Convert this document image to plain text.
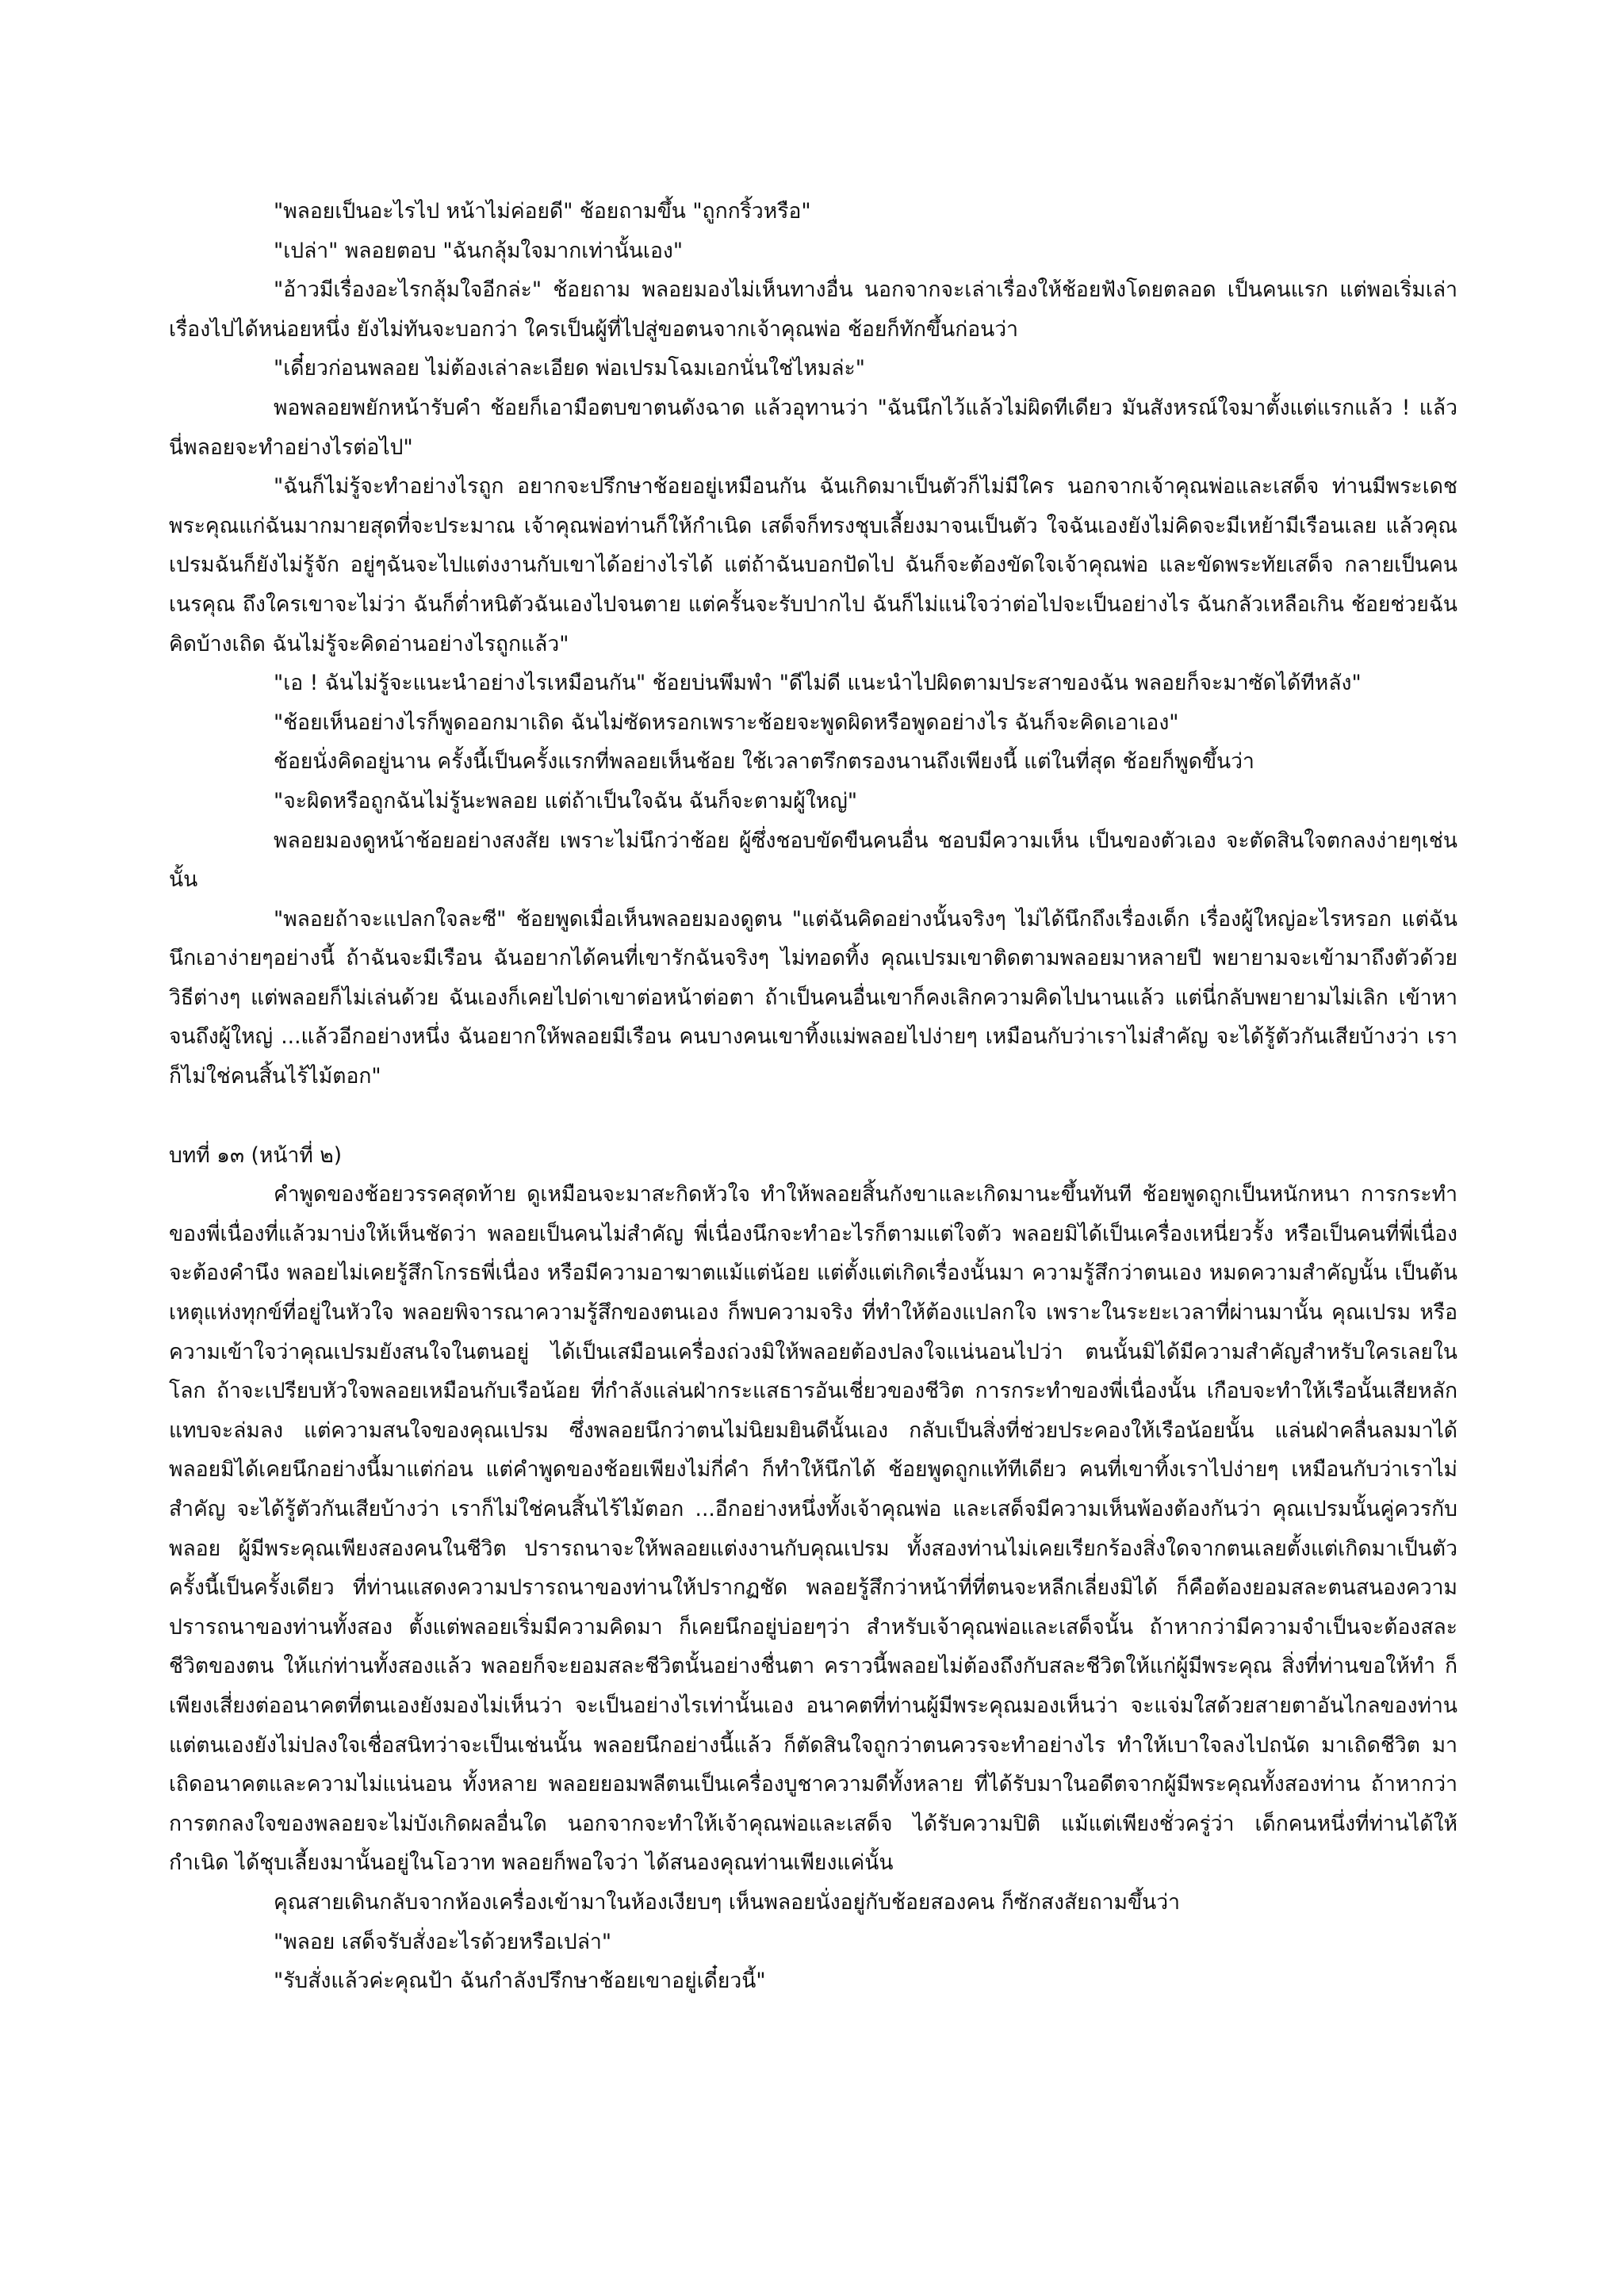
"พลอยเป็นอะไรไป หน้าไม่ค่อยดี" ช้อยถามขึ้น "ถูกกริ้วหรือ"

"เปล่า" พลอยตอบ "ฉันกลุ้มใจมากเท่านั้นเอง"

"อ้าวมีเรื่องอะไรกลุ้มใจอีกล่ะ" ช้อยถาม พลอยมองไม่เห็นทางอื่น นอกจากจะเล่าเรื่องให้ช้อยฟังโดยตลอด เป็นคนแรก แต่พอเริ่มเล่าเรื่องไปได้หน่อยหนึ่ง ยังไม่ทันจะบอกว่า ใครเป็นผู้ที่ไปสู่ขอตนจากเจ้าคุณพ่อ ช้อยก็ทักขึ้นก่อนว่า

"เดี๋ยวก่อนพลอย ไม่ต้องเล่าละเอียด พ่อเปรมโฉมเอกนั่นใช่ไหมล่ะ"

พอพลอยพยักหน้ารับคำ ช้อยก็เอามือตบขาตนดังฉาด แล้วอุทานว่า "ฉันนึกไว้แล้วไม่ผิดทีเดียว มันสังหรณ์ใจมาตั้งแต่แรกแล้ว ! แล้วนี่พลอยจะทำอย่างไรต่อไป"

"ฉันก็ไม่รู้จะทำอย่างไรถูก อยากจะปรึกษาช้อยอยู่เหมือนกัน ฉันเกิดมาเป็นตัวก็ไม่มีใคร นอกจากเจ้าคุณพ่อและเสด็จ ท่านมีพระเดชพระคุณแก่ฉันมากมายสุดที่จะประมาณ เจ้าคุณพ่อท่านก็ให้กำเนิด เสด็จก็ทรงชุบเลี้ยงมาจนเป็นตัว ใจฉันเองยังไม่คิดจะมีเหย้ามีเรือนเลย แล้วคุณเปรมฉันก็ยังไม่รู้จัก อยู่ๆฉันจะไปแต่งงานกับเขาได้อย่างไรได้ แต่ถ้าฉันบอกปัดไป ฉันก็จะต้องขัดใจเจ้าคุณพ่อ และขัดพระทัยเสด็จ กลายเป็นคนเนรคุณ ถึงใครเขาจะไม่ว่า ฉันก็ต่ำหนิตัวฉันเองไปจนตาย แต่ครั้นจะรับปากไป ฉันก็ไม่แน่ใจว่าต่อไปจะเป็นอย่างไร ฉันกลัวเหลือเกิน ช้อยช่วยฉันคิดบ้างเถิด ฉันไม่รู้จะคิดอ่านอย่างไรถูกแล้ว"

"เอ ! ฉันไม่รู้จะแนะนำอย่างไรเหมือนกัน" ช้อยบ่นพึมพำ "ดีไม่ดี แนะนำไปผิดตามประสาของฉัน พลอยก็จะมาซัดได้ทีหลัง"

"ช้อยเห็นอย่างไรก็พูดออกมาเถิด ฉันไม่ซัดหรอกเพราะช้อยจะพูดผิดหรือพูดอย่างไร ฉันก็จะคิดเอาเอง"

ช้อยนั่งคิดอยู่นาน ครั้งนี้เป็นครั้งแรกที่พลอยเห็นช้อย ใช้เวลาตรึกตรองนานถึงเพียงนี้ แต่ในที่สุด ช้อยก็พูดขึ้นว่า

"จะผิดหรือถูกฉันไม่รู้นะพลอย แต่ถ้าเป็นใจฉัน ฉันก็จะตามผู้ใหญ่"

พลอยมองดูหน้าช้อยอย่างสงสัย เพราะไม่นึกว่าช้อย ผู้ซึ่งชอบขัดขืนคนอื่น ชอบมีความเห็น เป็นของตัวเอง จะตัดสินใจตกลงง่ายๆเช่นนั้น

"พลอยถ้าจะแปลกใจละซี" ช้อยพูดเมื่อเห็นพลอยมองดูตน "แต่ฉันคิดอย่างนั้นจริงๆ ไม่ได้นึกถึงเรื่องเด็ก เรื่องผู้ใหญ่อะไรหรอก แต่ฉันนึกเอาง่ายๆอย่างนี้ ถ้าฉันจะมีเรือน ฉันอยากได้คนที่เขารักฉันจริงๆ ไม่ทอดทิ้ง คุณเปรมเขาติดตามพลอยมาหลายปี พยายามจะเข้ามาถึงตัวด้วยวิธีต่างๆ แต่พลอยก็ไม่เล่นด้วย ฉันเองก็เคยไปด่าเขาต่อหน้าต่อตา ถ้าเป็นคนอื่นเขาก็คงเลิกความคิดไปนานแล้ว แต่นี่กลับพยายามไม่เลิก เข้าหาจนถึงผู้ใหญ่ ...แล้วอีกอย่างหนึ่ง ฉันอยากให้พลอยมีเรือน คนบางคนเขาทิ้งแม่พลอยไปง่ายๆ เหมือนกับว่าเราไม่สำคัญ จะได้รู้ตัวกันเสียบ้างว่า เราก็ไม่ใช่คนสิ้นไร้ไม้ตอก"

บทที่ ๑๓ (หน้าที่ ๒)

คำพูดของช้อยวรรคสุดท้าย ดูเหมือนจะมาสะกิดหัวใจ ทำให้พลอยสิ้นกังขาและเกิดมานะขึ้นทันที ช้อยพูดถูกเป็นหนักหนา การกระทำของพี่เนื่องที่แล้วมาบ่งให้เห็นชัดว่า พลอยเป็นคนไม่สำคัญ พี่เนื่องนึกจะทำอะไรก็ตามแต่ใจตัว พลอยมิได้เป็นเครื่องเหนี่ยวรั้ง หรือเป็นคนที่พี่เนื่องจะต้องคำนึง พลอยไม่เคยรู้สึกโกรธพี่เนื่อง หรือมีความอาฆาตแม้แต่น้อย แต่ตั้งแต่เกิดเรื่องนั้นมา ความรู้สึกว่าตนเอง หมดความสำคัญนั้น เป็นต้นเหตุแห่งทุกข์ที่อยู่ในหัวใจ พลอยพิจารณาความรู้สึกของตนเอง ก็พบความจริง ที่ทำให้ต้องแปลกใจ เพราะในระยะเวลาที่ผ่านมานั้น คุณเปรม หรือความเข้าใจว่าคุณเปรมยังสนใจในตนอยู่ ได้เป็นเสมือนเครื่องถ่วงมิให้พลอยต้องปลงใจแน่นอนไปว่า ตนนั้นมิได้มีความสำคัญสำหรับใครเลยในโลก ถ้าจะเปรียบหัวใจพลอยเหมือนกับเรือน้อย ที่กำลังแล่นฝ่ากระแสธารอันเชี่ยวของชีวิต การกระทำของพี่เนื่องนั้น เกือบจะทำให้เรือนั้นเสียหลักแทบจะล่มลง แต่ความสนใจของคุณเปรม ซึ่งพลอยนึกว่าตนไม่นิยมยินดีนั้นเอง กลับเป็นสิ่งที่ช่วยประคองให้เรือน้อยนั้น แล่นฝ่าคลื่นลมมาได้ พลอยมิได้เคยนึกอย่างนี้มาแต่ก่อน แต่คำพูดของช้อยเพียงไม่กี่คำ ก็ทำให้นึกได้ ช้อยพูดถูกแท้ทีเดียว คนที่เขาทิ้งเราไปง่ายๆ เหมือนกับว่าเราไม่สำคัญ จะได้รู้ตัวกันเสียบ้างว่า เราก็ไม่ใช่คนสิ้นไร้ไม้ตอก ...อีกอย่างหนึ่งทั้งเจ้าคุณพ่อ และเสด็จมีความเห็นพ้องต้องกันว่า คุณเปรมนั้นคู่ควรกับพลอย ผู้มีพระคุณเพียงสองคนในชีวิต ปรารถนาจะให้พลอยแต่งงานกับคุณเปรม ทั้งสองท่านไม่เคยเรียกร้องสิ่งใดจากตนเลยตั้งแต่เกิดมาเป็นตัว ครั้งนี้เป็นครั้งเดียว ที่ท่านแสดงความปรารถนาของท่านให้ปรากฏชัด พลอยรู้สึกว่าหน้าที่ที่ตนจะหลีกเลี่ยงมิได้ ก็คือต้องยอมสละตนสนองความปรารถนาของท่านทั้งสอง ตั้งแต่พลอยเริ่มมีความคิดมา ก็เคยนึกอยู่บ่อยๆว่า สำหรับเจ้าคุณพ่อและเสด็จนั้น ถ้าหากว่ามีความจำเป็นจะต้องสละชีวิตของตน ให้แก่ท่านทั้งสองแล้ว พลอยก็จะยอมสละชีวิตนั้นอย่างชื่นตา คราวนี้พลอยไม่ต้องถึงกับสละชีวิตให้แก่ผู้มีพระคุณ สิ่งที่ท่านขอให้ทำ ก็เพียงเสี่ยงต่ออนาคตที่ตนเองยังมองไม่เห็นว่า จะเป็นอย่างไรเท่านั้นเอง อนาคตที่ท่านผู้มีพระคุณมองเห็นว่า จะแจ่มใสด้วยสายตาอันไกลของท่าน แต่ตนเองยังไม่ปลงใจเชื่อสนิทว่าจะเป็นเช่นนั้น พลอยนึกอย่างนี้แล้ว ก็ตัดสินใจถูกว่าตนควรจะทำอย่างไร ทำให้เบาใจลงไปถนัด มาเถิดชีวิต มาเถิดอนาคตและความไม่แน่นอน ทั้งหลาย พลอยยอมพลีตนเป็นเครื่องบูชาความดีทั้งหลาย ที่ได้รับมาในอดีตจากผู้มีพระคุณทั้งสองท่าน ถ้าหากว่าการตกลงใจของพลอยจะไม่บังเกิดผลอื่นใด นอกจากจะทำให้เจ้าคุณพ่อและเสด็จ ได้รับความปิติ แม้แต่เพียงชั่วครู่ว่า เด็กคนหนึ่งที่ท่านได้ให้กำเนิด ได้ชุบเลี้ยงมานั้นอยู่ในโอวาท พลอยก็พอใจว่า ได้สนองคุณท่านเพียงแค่นั้น

คุณสายเดินกลับจากห้องเครื่องเข้ามาในห้องเงียบๆ เห็นพลอยนั่งอยู่กับช้อยสองคน ก็ซักสงสัยถามขึ้นว่า

"พลอย เสด็จรับสั่งอะไรด้วยหรือเปล่า"

"รับสั่งแล้วค่ะคุณป้า ฉันกำลังปรึกษาช้อยเขาอยู่เดี๋ยวนี้"
